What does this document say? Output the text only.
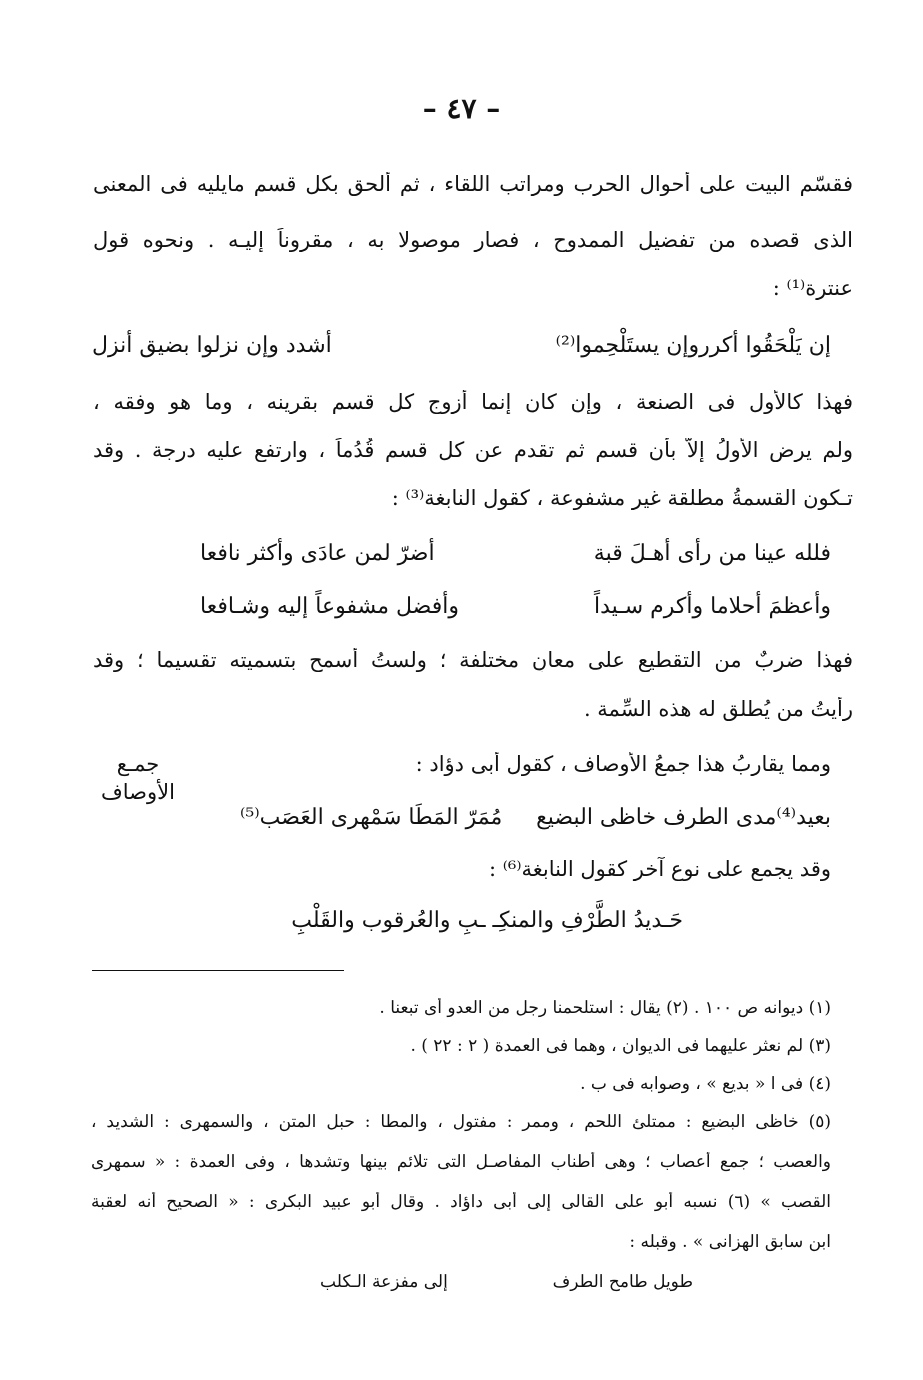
– ٤٧ –
فقسّم البيت على أحوال الحرب ومراتب اللقاء ، ثم ألحق بكل قسم مايليه فى المعنى
الذى قصده من تفضيل الممدوح ، فصار موصولا به ، مقروناً إليـه . ونحوه قول
عنترة⁽¹⁾ :
إن يَلْحَقُوا أكرروإن يستَلْحِموا⁽²⁾
أشدد وإن نزلوا بضيق أنزل
فهذا كالأول فى الصنعة ، وإن كان إنما أزوج كل قسم بقرينه ، وما هو وفقه ،
ولم يرض الأولُ إلاّ بأن قسم ثم تقدم عن كل قسم قُدُماً ، وارتفع عليه درجة . وقد
تـكون القسمةُ مطلقة غير مشفوعة ، كقول النابغة⁽³⁾ :
فلله عينا من رأى أهـلَ قبة
أضرّ لمن عادَى وأكثر نافعا
وأعظمَ أحلاما وأكرم سـيداً
وأفضل مشفوعاً إليه وشـافعا
فهذا ضربٌ من التقطيع على معانٍ مختلفة ؛ ولستُ أسمح بتسميته تقسيما ؛ وقد
رأيتُ من يُطلق له هذه السِّمة .
جمـع
الأوصاف
ومما يقاربُ هذا جمعُ الأوصاف ، كقول أبى دؤاد :
بعيد⁽⁴⁾مدى الطرف خاظى البضيع
مُمَرّ المَطَا سَمْهرى العَصَب⁽⁵⁾
وقد يجمع على نوع آخر كقول النابغة⁽⁶⁾ :
حَـديدُ الطَّرْفِ والمنكِـ ـبِ والعُرقوب والقَلْبِ
(١) ديوانه ص ١٠٠ . (٢) يقال : استلحمنا رجل من العدو أى تبعنا .
(٣) لم نعثر عليهما فى الديوان ، وهما فى العمدة ( ٢ : ٢٢ ) .
(٤) فى ا « بديع » ، وصوابه فى ب .
(٥) خاظى البضيع : ممتلئ اللحم ، وممر : مفتول ، والمطا : حبل المتن ، والسمهرى : الشديد ،
والعصب ؛ جمع أعصاب ؛ وهى أطناب المفاصـل التى تلائم بينها وتشدها ، وفى العمدة : « سمهرى
القصب » (٦) نسبه أبو على القالى إلى أبى داؤاد . وقال أبو عبيد البكرى : « الصحيح أنه لعقبة
ابن سابق الهزانى » . وقبله :
طويل طامح الطرف
إلى مفزعة الـكلب
